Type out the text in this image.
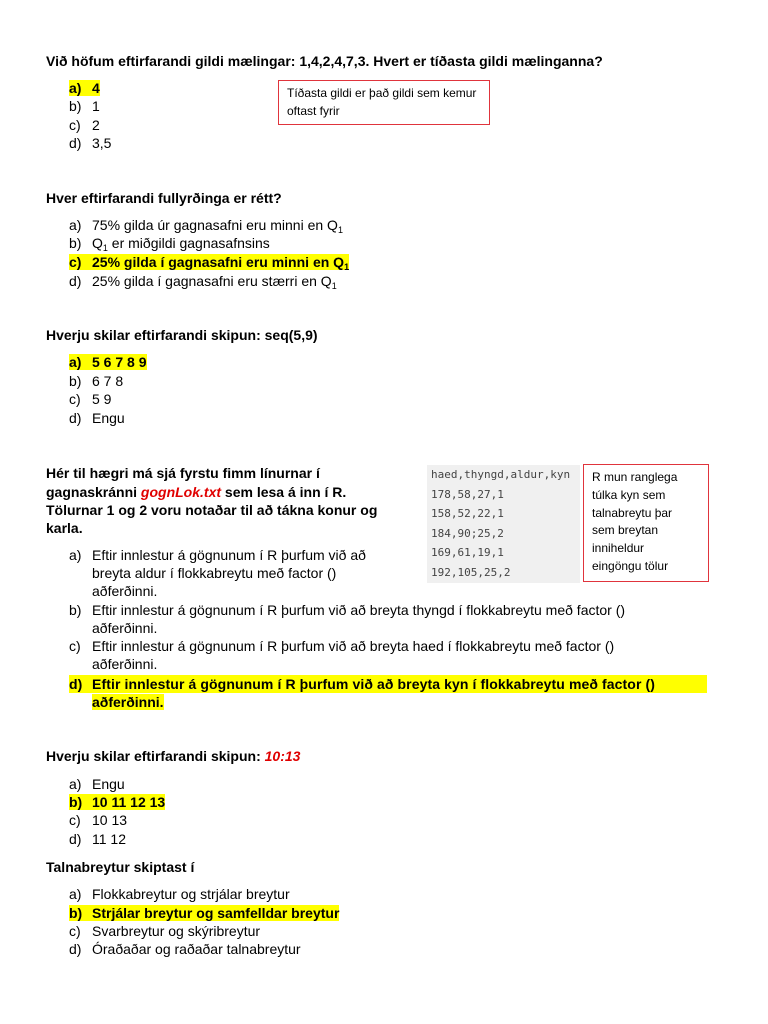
Við höfum eftirfarandi gildi mælingar: 1,4,2,4,7,3. Hvert er tíðasta gildi mælinganna?
a) 4
b) 1
c) 2
d) 3,5
Tíðasta gildi er það gildi sem kemur oftast fyrir
Hver eftirfarandi fullyrðinga er rétt?
a) 75% gilda úr gagnasafni eru minni en $Q_1$
b) $Q_1$ er miðgildi gagnasafnsins
c) 25% gilda í gagnasafni eru minni en $Q_1$
d) 25% gilda í gagnasafni eru stærri en $Q_1$
Hverju skilar eftirfarandi skipun: seq(5,9)
a) 5 6 7 8 9
b) 6 7 8
c) 5 9
d) Engu
Hér til hægri má sjá fyrstu fimm línurnar í
gagnaskránni gognLok.txt sem lesa á inn í R.
Tölurnar 1 og 2 voru notaðar til að tákna konur og
karla.
haed,thyngd,aldur,kyn
178,58,27,1
158,52,22,1
184,90;25,2
169,61,19,1
192,105,25,2
R mun ranglega
túlka kyn sem
talnabreytu þar
sem breytan
inniheldur
eingöngu tölur
a) Eftir innlestur á gögnunum í R þurfum við að
breyta aldur í flokkabreytu með factor ()
aðferðinni.
b) Eftir innlestur á gögnunum í R þurfum við að breyta thyngd í flokkabreytu með factor ()
aðferðinni.
c) Eftir innlestur á gögnunum í R þurfum við að breyta haed í flokkabreytu með factor ()
aðferðinni.
d) Eftir innlestur á gögnunum í R þurfum við að breyta kyn í flokkabreytu með factor ()
aðferðinni.
Hverju skilar eftirfarandi skipun: 10:13
a) Engu
b) 10 11 12 13
c) 10 13
d) 11 12
Talnabreytur skiptast í
a) Flokkabreytur og strjálar breytur
b) Strjálar breytur og samfelldar breytur
c) Svarbreytur og skýribreytur
d) Óraðaðar og raðaðar talnabreytur
